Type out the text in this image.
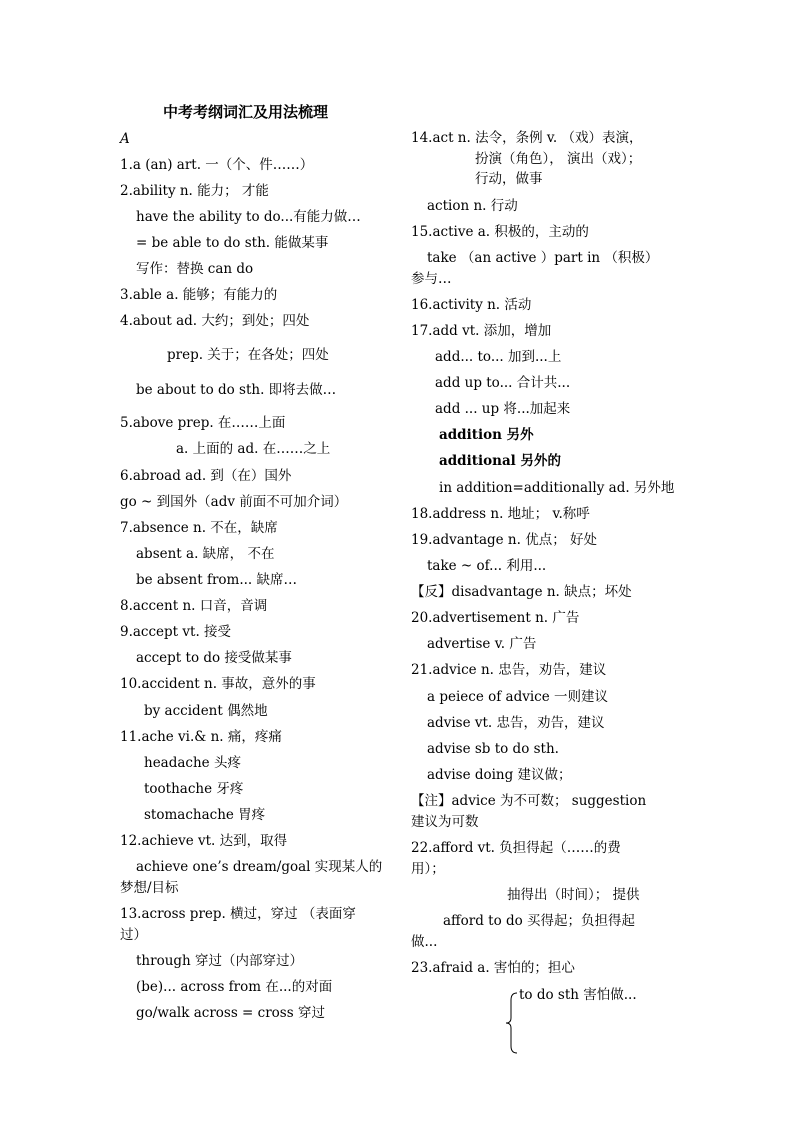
中考考纲词汇及用法梳理
A
1.a (an) art. 一（个、件……）
2.ability n. 能力； 才能
have the ability to do...有能力做…
= be able to do sth. 能做某事
写作：替换 can do
3.able a. 能够；有能力的
4.about ad. 大约；到处；四处
prep. 关于；在各处；四处
be about to do sth. 即将去做…
5.above prep. 在……上面
a. 上面的 ad. 在……之上
6.abroad ad. 到（在）国外
go ~ 到国外（adv 前面不可加介词）
7.absence n. 不在，缺席
absent a. 缺席， 不在
be absent from... 缺席…
8.accent n. 口音，音调
9.accept vt. 接受
accept to do 接受做某事
10.accident n. 事故，意外的事
by accident 偶然地
11.ache vi.& n. 痛，疼痛
headache 头疼
toothache 牙疼
stomachache 胃疼
12.achieve vt. 达到，取得
achieve one’s dream/goal 实现某人的
梦想/目标
13.across prep. 横过，穿过 （表面穿
过）
through 穿过（内部穿过）
(be)... across from 在...的对面
go/walk across = cross 穿过
14.act n. 法令，条例 v. （戏）表演，
扮演（角色）， 演出（戏）；
行动，做事
action n. 行动
15.active a. 积极的，主动的
take （an active ）part in （积极）
参与…
16.activity n. 活动
17.add vt. 添加，增加
add... to... 加到...上
add up to... 合计共...
add ... up 将...加起来
addition 另外
additional 另外的
in addition=additionally ad. 另外地
18.address n. 地址； v.称呼
19.advantage n. 优点； 好处
take ~ of... 利用...
【反】disadvantage n. 缺点；坏处
20.advertisement n. 广告
advertise v. 广告
21.advice n. 忠告，劝告，建议
a peiece of advice 一则建议
advise vt. 忠告，劝告，建议
advise sb to do sth.
advise doing 建议做；
【注】advice 为不可数； suggestion
建议为可数
22.afford vt. 负担得起（……的费
用）；
抽得出（时间）； 提供
afford to do 买得起；负担得起
做...
23.afraid a. 害怕的；担心
to do sth 害怕做...
